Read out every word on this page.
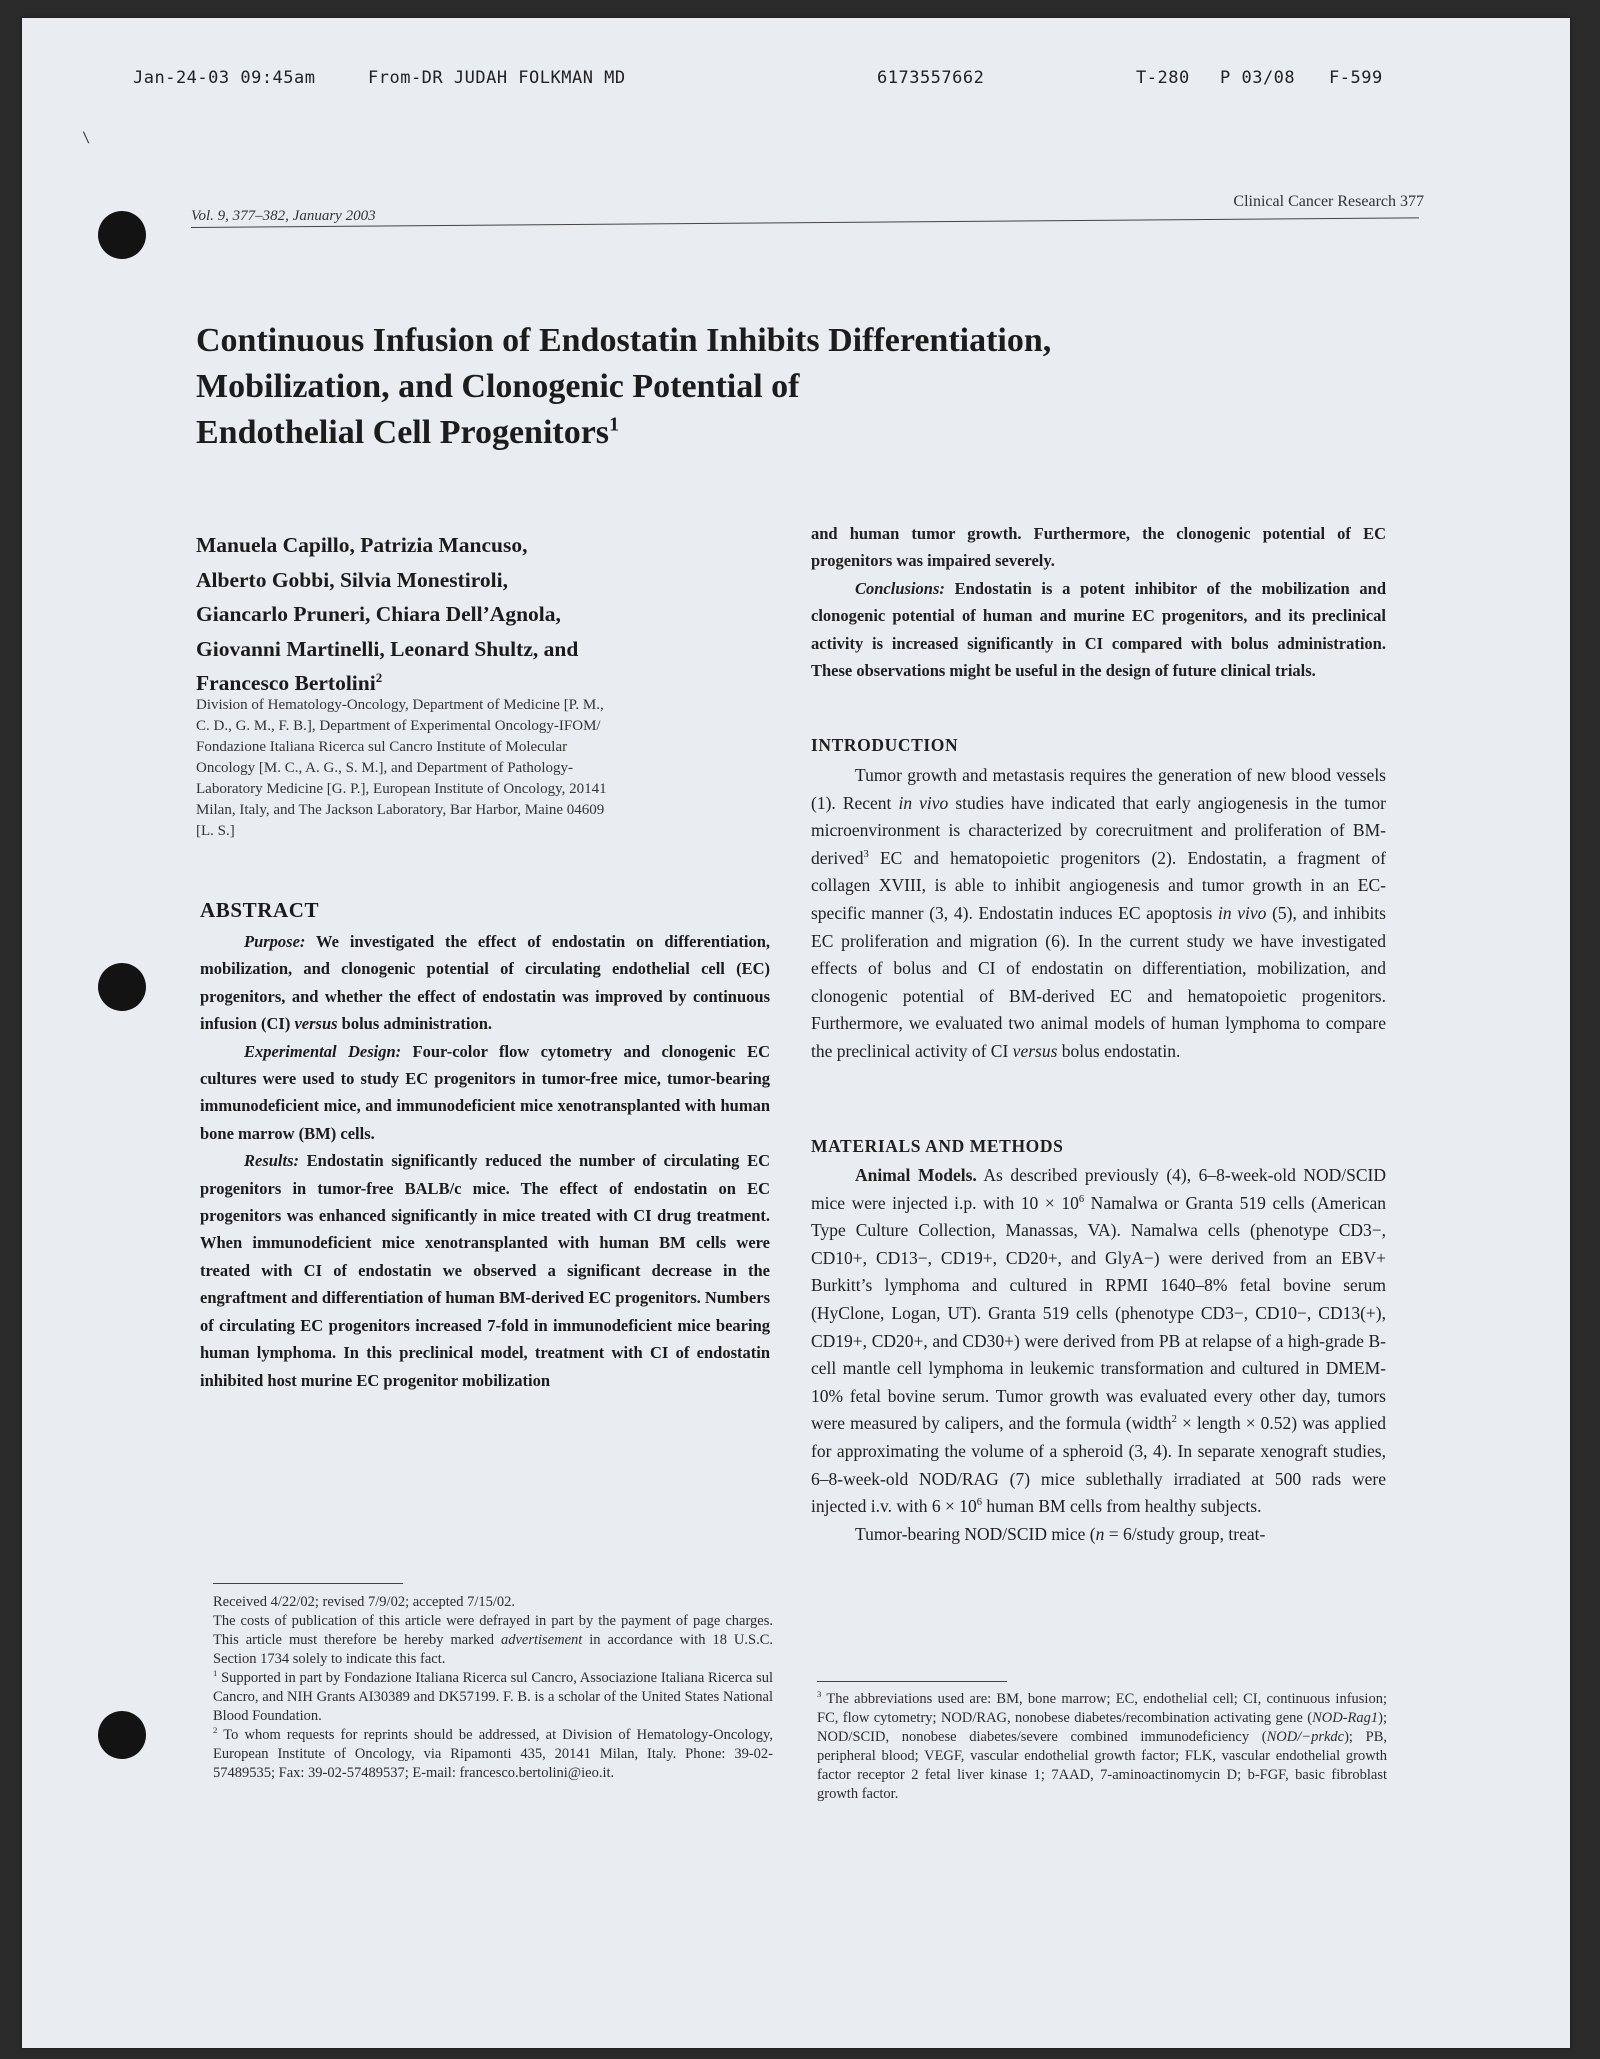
\
Jan-24-03 09:45am	From-DR JUDAH FOLKMAN MD	6173557662	T-280 P 03/08 F-599
Vol. 9, 377–382, January 2003
Clinical Cancer Research 377

Continuous Infusion of Endostatin Inhibits Differentiation,

Mobilization, and Clonogenic Potential of

Endothelial Cell Progenitors$^1$

Manuela Capillo, Patrizia Mancuso,

Alberto Gobbi, Silvia Monestiroli,

Giancarlo Pruneri, Chiara Dell’Agnola,

Giovanni Martinelli, Leonard Shultz, and

Francesco Bertolini$^2$

Division of Hematology-Oncology, Department of Medicine [P. M.,

C. D., G. M., F. B.], Department of Experimental Oncology-IFOM/

Fondazione Italiana Ricerca sul Cancro Institute of Molecular

Oncology [M. C., A. G., S. M.], and Department of Pathology-

Laboratory Medicine [G. P.], European Institute of Oncology, 20141

Milan, Italy, and The Jackson Laboratory, Bar Harbor, Maine 04609

[L. S.]

ABSTRACT

Purpose: We investigated the effect of endostatin on differentiation, mobilization, and clonogenic potential of circulating endothelial cell (EC) progenitors, and whether the effect of endostatin was improved by continuous infusion (CI) versus bolus administration.

Experimental Design: Four-color flow cytometry and clonogenic EC cultures were used to study EC progenitors in tumor-free mice, tumor-bearing immunodeficient mice, and immunodeficient mice xenotransplanted with human bone marrow (BM) cells.

Results: Endostatin significantly reduced the number of circulating EC progenitors in tumor-free BALB/c mice. The effect of endostatin on EC progenitors was enhanced significantly in mice treated with CI drug treatment. When immunodeficient mice xenotransplanted with human BM cells were treated with CI of endostatin we observed a significant decrease in the engraftment and differentiation of human BM-derived EC progenitors. Numbers of circulating EC progenitors increased 7-fold in immunodeficient mice bearing human lymphoma. In this preclinical model, treatment with CI of endostatin inhibited host murine EC progenitor mobilization

and human tumor growth. Furthermore, the clonogenic potential of EC progenitors was impaired severely.

Conclusions: Endostatin is a potent inhibitor of the mobilization and clonogenic potential of human and murine EC progenitors, and its preclinical activity is increased significantly in CI compared with bolus administration. These observations might be useful in the design of future clinical trials.

INTRODUCTION

Tumor growth and metastasis requires the generation of new blood vessels (1). Recent in vivo studies have indicated that early angiogenesis in the tumor microenvironment is characterized by corecruitment and proliferation of BM-derived$^3$ EC and hematopoietic progenitors (2). Endostatin, a fragment of collagen XVIII, is able to inhibit angiogenesis and tumor growth in an EC-specific manner (3, 4). Endostatin induces EC apoptosis in vivo (5), and inhibits EC proliferation and migration (6). In the current study we have investigated effects of bolus and CI of endostatin on differentiation, mobilization, and clonogenic potential of BM-derived EC and hematopoietic progenitors. Furthermore, we evaluated two animal models of human lymphoma to compare the preclinical activity of CI versus bolus endostatin.

MATERIALS AND METHODS

Animal Models. As described previously (4), 6–8-week-old NOD/SCID mice were injected i.p. with $10 \times 10^6$ Namalwa or Granta 519 cells (American Type Culture Collection, Manassas, VA). Namalwa cells (phenotype CD3−, CD10+, CD13−, CD19+, CD20+, and GlyA−) were derived from an EBV+ Burkitt’s lymphoma and cultured in RPMI 1640–8% fetal bovine serum (HyClone, Logan, UT). Granta 519 cells (phenotype CD3−, CD10−, CD13(+), CD19+, CD20+, and CD30+) were derived from PB at relapse of a high-grade B-cell mantle cell lymphoma in leukemic transformation and cultured in DMEM-10% fetal bovine serum. Tumor growth was evaluated every other day, tumors were measured by calipers, and the formula (width$^2$ × length × 0.52) was applied for approximating the volume of a spheroid (3, 4). In separate xenograft studies, 6–8-week-old NOD/RAG (7) mice sublethally irradiated at 500 rads were injected i.v. with $6 \times 10^6$ human BM cells from healthy subjects.

Tumor-bearing NOD/SCID mice (n = 6/study group, treat-

Received 4/22/02; revised 7/9/02; accepted 7/15/02.

The costs of publication of this article were defrayed in part by the payment of page charges. This article must therefore be hereby marked advertisement in accordance with 18 U.S.C. Section 1734 solely to indicate this fact.

$^1$ Supported in part by Fondazione Italiana Ricerca sul Cancro, Associazione Italiana Ricerca sul Cancro, and NIH Grants AI30389 and DK57199. F. B. is a scholar of the United States National Blood Foundation.

$^2$ To whom requests for reprints should be addressed, at Division of Hematology-Oncology, European Institute of Oncology, via Ripamonti 435, 20141 Milan, Italy. Phone: 39-02-57489535; Fax: 39-02-57489537; E-mail: francesco.bertolini@ieo.it.

$^3$ The abbreviations used are: BM, bone marrow; EC, endothelial cell; CI, continuous infusion; FC, flow cytometry; NOD/RAG, nonobese diabetes/recombination activating gene (NOD-Rag1); NOD/SCID, nonobese diabetes/severe combined immunodeficiency (NOD/−prkdc); PB, peripheral blood; VEGF, vascular endothelial growth factor; FLK, vascular endothelial growth factor receptor 2 fetal liver kinase 1; 7AAD, 7-aminoactinomycin D; b-FGF, basic fibroblast growth factor.
